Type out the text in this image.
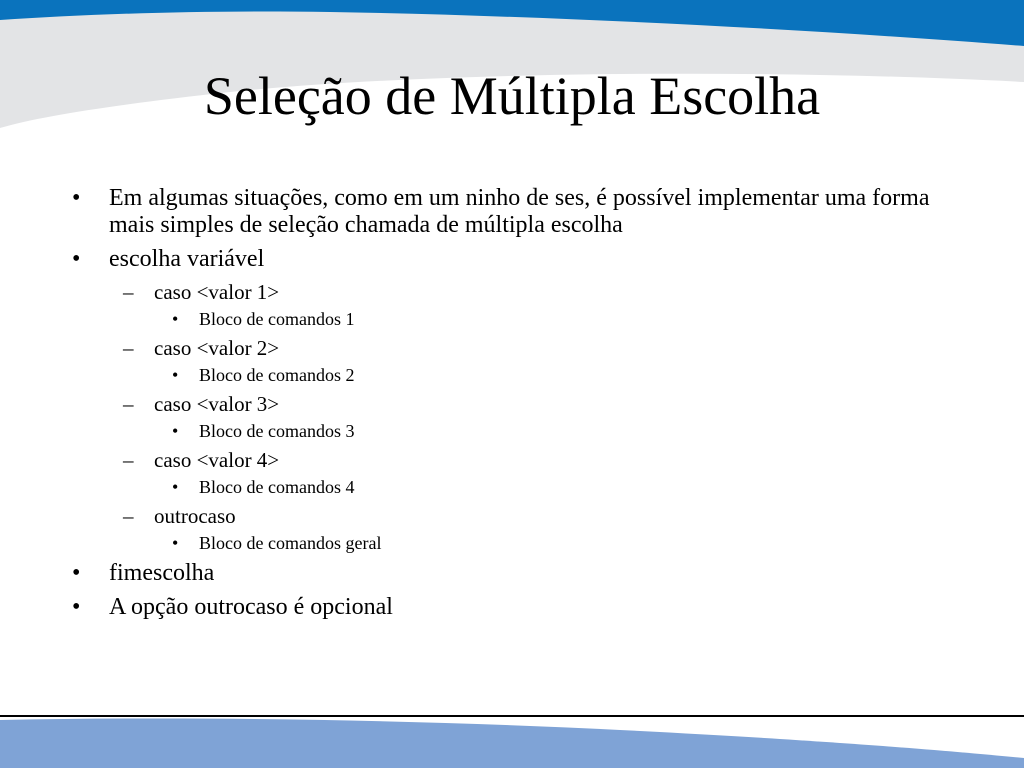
Seleção de Múltipla Escolha
• Em algumas situações, como em um ninho de ses, é possível implementar uma forma mais simples de seleção chamada de múltipla escolha
• escolha variável
– caso <valor 1>
• Bloco de comandos 1
– caso <valor 2>
• Bloco de comandos 2
– caso <valor 3>
• Bloco de comandos 3
– caso <valor 4>
• Bloco de comandos 4
– outrocaso
• Bloco de comandos geral
• fimescolha
• A opção outrocaso é opcional
